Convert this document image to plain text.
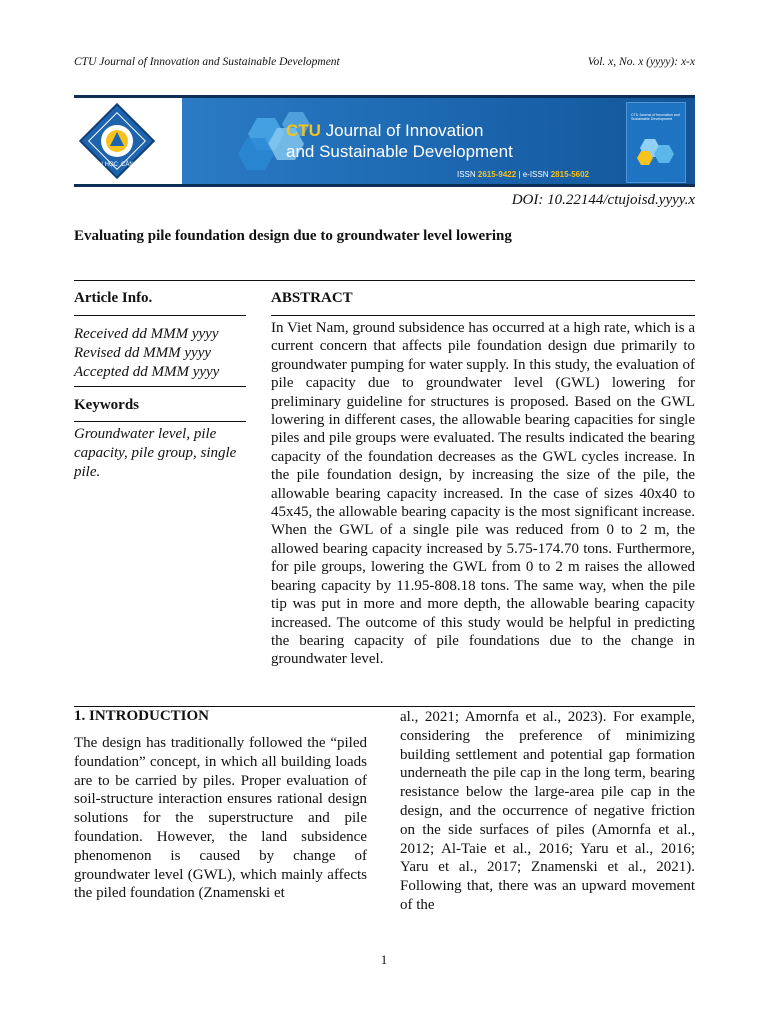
CTU Journal of Innovation and Sustainable Development	Vol. x, No. x (yyyy): x-x
ĐẠI HỌC CẦN THƠ
CTU Journal of Innovation
and Sustainable Development
ISSN 2615-9422 | e-ISSN 2815-5602
CTU Journal of Innovation and Sustainable Development
DOI: 10.22144/ctujoisd.yyyy.x
Evaluating pile foundation design due to groundwater level lowering
Article Info.
Received dd MMM yyyy
Revised dd MMM yyyy
Accepted dd MMM yyyy
Keywords
Groundwater level, pile capacity, pile group, single pile.
ABSTRACT
In Viet Nam, ground subsidence has occurred at a high rate, which is a current concern that affects pile foundation design due primarily to groundwater pumping for water supply. In this study, the evaluation of pile capacity due to groundwater level (GWL) lowering for preliminary guideline for structures is proposed. Based on the GWL lowering in different cases, the allowable bearing capacities for single piles and pile groups were evaluated. The results indicated the bearing capacity of the foundation decreases as the GWL cycles increase. In the pile foundation design, by increasing the size of the pile, the allowable bearing capacity increased. In the case of sizes 40x40 to 45x45, the allowable bearing capacity is the most significant increase. When the GWL of a single pile was reduced from 0 to 2 m, the allowed bearing capacity increased by 5.75-174.70 tons. Furthermore, for pile groups, lowering the GWL from 0 to 2 m raises the allowed bearing capacity by 11.95-808.18 tons. The same way, when the pile tip was put in more and more depth, the allowable bearing capacity increased. The outcome of this study would be helpful in predicting the bearing capacity of pile foundations due to the change in groundwater level.
1. INTRODUCTION
The design has traditionally followed the “piled foundation” concept, in which all building loads are to be carried by piles. Proper evaluation of soil-structure interaction ensures rational design solutions for the superstructure and pile foundation. However, the land subsidence phenomenon is caused by change of groundwater level (GWL), which mainly affects the piled foundation (Znamenski et
al., 2021; Amornfa et al., 2023). For example, considering the preference of minimizing building settlement and potential gap formation underneath the pile cap in the long term, bearing resistance below the large-area pile cap in the design, and the occurrence of negative friction on the side surfaces of piles (Amornfa et al., 2012; Al-Taie et al., 2016; Yaru et al., 2016; Yaru et al., 2017; Znamenski et al., 2021). Following that, there was an upward movement of the
1
